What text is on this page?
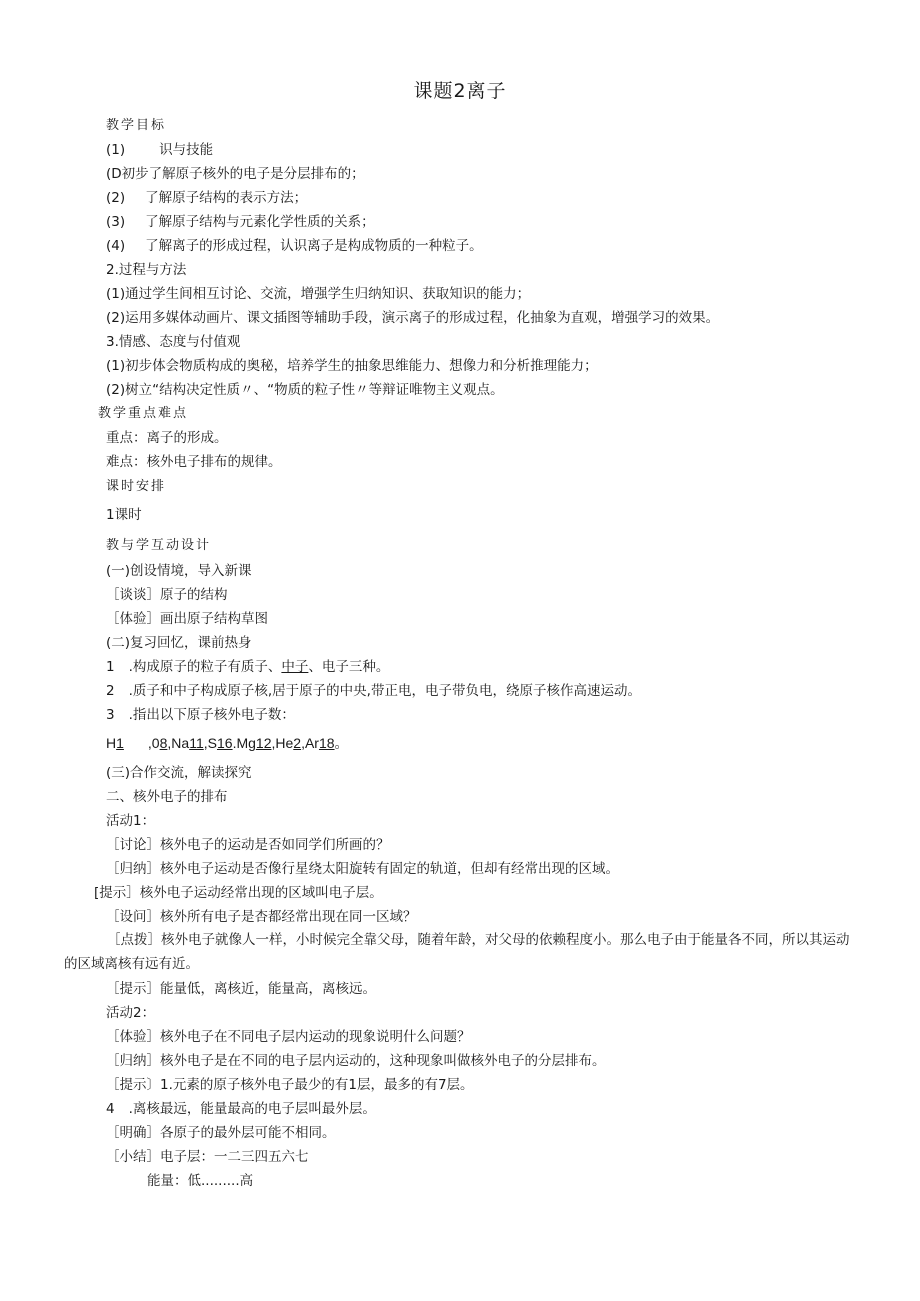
课题2离子
教学目标
(1)	识与技能
(D初步了解原子核外的电子是分层排布的；
(2) 了解原子结构的表示方法；
(3) 了解原子结构与元素化学性质的关系；
(4) 了解离子的形成过程，认识离子是构成物质的一种粒子。
2.过程与方法
(1)通过学生间相互讨论、交流，增强学生归纳知识、获取知识的能力；
(2)运用多媒体动画片、课文插图等辅助手段，演示离子的形成过程，化抽象为直观，增强学习的效果。
3.情感、态度与付值观
(1)初步体会物质构成的奥秘，培养学生的抽象思维能力、想像力和分析推理能力；
(2)树立“结构决定性质〃、“物质的粒子性〃等辩证唯物主义观点。
教学重点难点
重点：离子的形成。
难点：核外电子排布的规律。
课时安排
1课时
教与学互动设计
(一)创设情境，导入新课
［谈谈］原子的结构
［体验］画出原子结构草图
(二)复习回忆，课前热身
1 .构成原子的粒子有质子、中子、电子三种。
2 .质子和中子构成原子核,居于原子的中央,带正电，电子带负电，绕原子核作高速运动。
3 .指出以下原子核外电子数：
H1 ,08,Na11,S16.Mg12,He2,Ar18。
(三)合作交流，解读探究
二、核外电子的排布
活动1：
［讨论］核外电子的运动是否如同学们所画的？
［归纳］核外电子运动是否像行星绕太阳旋转有固定的轨道，但却有经常出现的区域。
[提示］核外电子运动经常出现的区域叫电子层。
［设问］核外所有电子是杏都经常出现在同一区域？
［点拨］核外电子就像人一样，小时候完全靠父母，随着年龄，对父母的依赖程度小。那么电子由于能量各不同，所以其运动的区域离核有远有近。
［提示］能量低，离核近，能量高，离核远。
活动2：
［体验］核外电子在不同电子层内运动的现象说明什么问题？
［归纳］核外电子是在不同的电子层内运动的，这种现象叫做核外电子的分层排布。
［提示〕1.元素的原子核外电子最少的有1层，最多的有7层。
4 .离核最远，能量最高的电子层叫最外层。
［明确］各原子的最外层可能不相同。
［小结］电子层：一二三四五六七
能量：低.........高
